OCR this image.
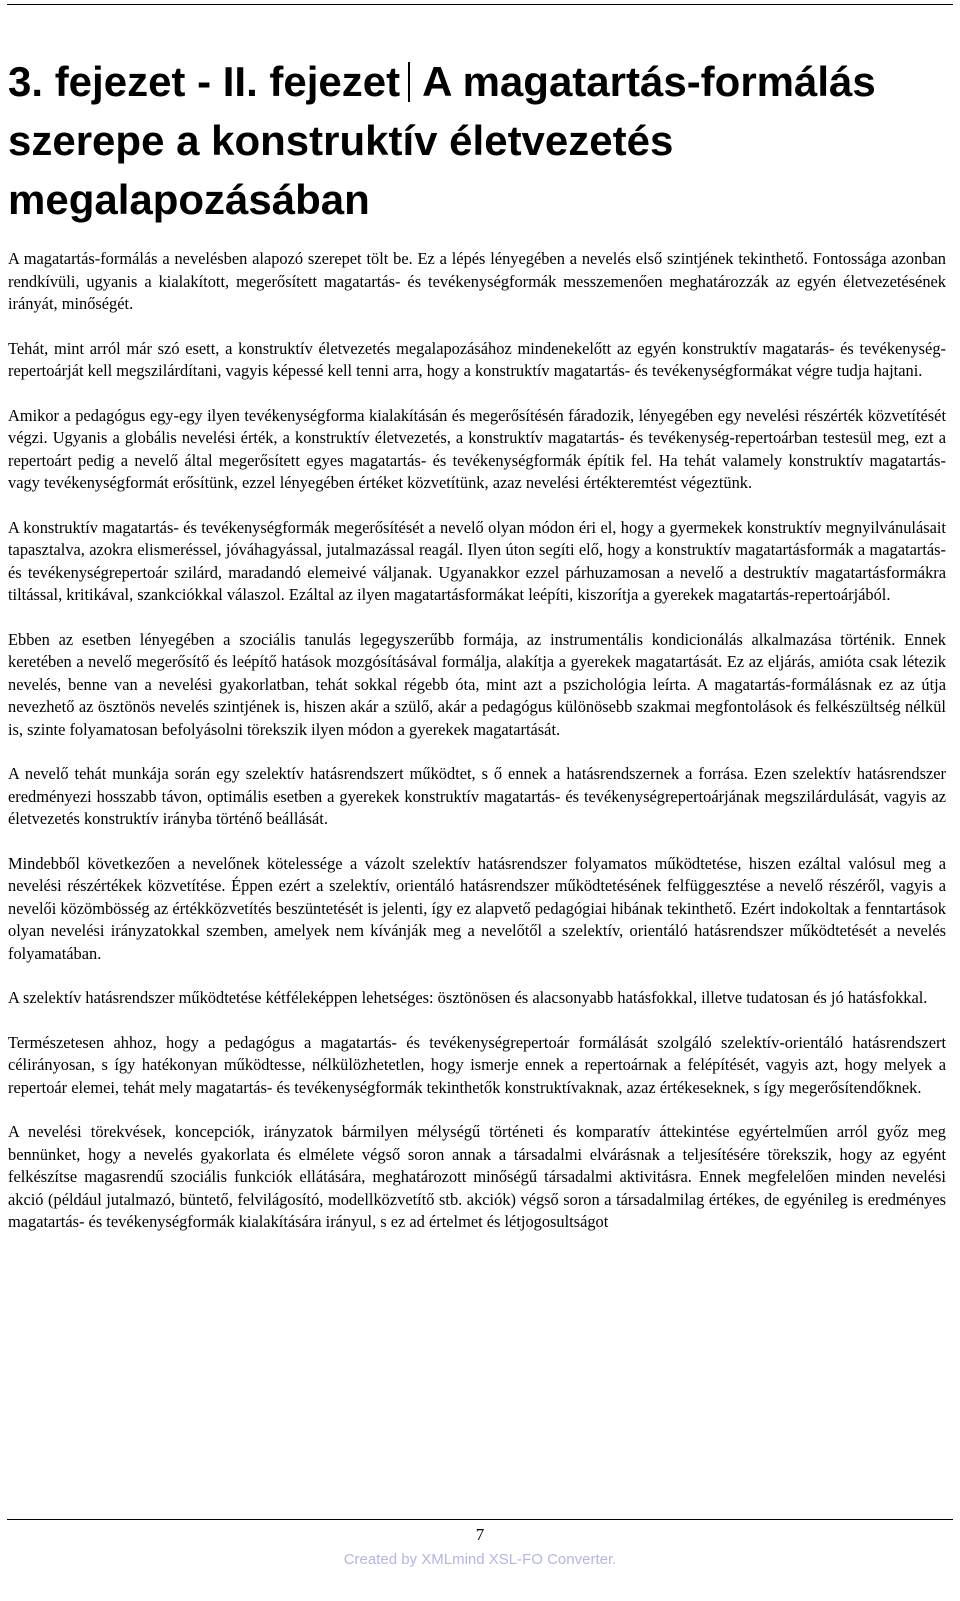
3. fejezet - II. fejezet A magatartás-formálás szerepe a konstruktív életvezetés megalapozásában

A magatartás-formálás a nevelésben alapozó szerepet tölt be. Ez a lépés lényegében a nevelés első szintjének tekinthető. Fontossága azonban rendkívüli, ugyanis a kialakított, megerősített magatartás- és tevékenységformák messzemenően meghatározzák az egyén életvezetésének irányát, minőségét.

Tehát, mint arról már szó esett, a konstruktív életvezetés megalapozásához mindenekelőtt az egyén konstruktív magatarás- és tevékenység-repertoárját kell megszilárdítani, vagyis képessé kell tenni arra, hogy a konstruktív magatartás- és tevékenységformákat végre tudja hajtani.

Amikor a pedagógus egy-egy ilyen tevékenységforma kialakításán és megerősítésén fáradozik, lényegében egy nevelési részérték közvetítését végzi. Ugyanis a globális nevelési érték, a konstruktív életvezetés, a konstruktív magatartás- és tevékenység-repertoárban testesül meg, ezt a repertoárt pedig a nevelő által megerősített egyes magatartás- és tevékenységformák építik fel. Ha tehát valamely konstruktív magatartás- vagy tevékenységformát erősítünk, ezzel lényegében értéket közvetítünk, azaz nevelési értékteremtést végeztünk.

A konstruktív magatartás- és tevékenységformák megerősítését a nevelő olyan módon éri el, hogy a gyermekek konstruktív megnyilvánulásait tapasztalva, azokra elismeréssel, jóváhagyással, jutalmazással reagál. Ilyen úton segíti elő, hogy a konstruktív magatartásformák a magatartás- és tevékenységrepertoár szilárd, maradandó elemeivé váljanak. Ugyanakkor ezzel párhuzamosan a nevelő a destruktív magatartásformákra tiltással, kritikával, szankciókkal válaszol. Ezáltal az ilyen magatartásformákat leépíti, kiszorítja a gyerekek magatartás-repertoárjából.

Ebben az esetben lényegében a szociális tanulás legegyszerűbb formája, az instrumentális kondicionálás alkalmazása történik. Ennek keretében a nevelő megerősítő és leépítő hatások mozgósításával formálja, alakítja a gyerekek magatartását. Ez az eljárás, amióta csak létezik nevelés, benne van a nevelési gyakorlatban, tehát sokkal régebb óta, mint azt a pszichológia leírta. A magatartás-formálásnak ez az útja nevezhető az ösztönös nevelés szintjének is, hiszen akár a szülő, akár a pedagógus különösebb szakmai megfontolások és felkészültség nélkül is, szinte folyamatosan befolyásolni törekszik ilyen módon a gyerekek magatartását.

A nevelő tehát munkája során egy szelektív hatásrendszert működtet, s ő ennek a hatásrendszernek a forrása. Ezen szelektív hatásrendszer eredményezi hosszabb távon, optimális esetben a gyerekek konstruktív magatartás- és tevékenységrepertoárjának megszilárdulását, vagyis az életvezetés konstruktív irányba történő beállását.

Mindebből következően a nevelőnek kötelessége a vázolt szelektív hatásrendszer folyamatos működtetése, hiszen ezáltal valósul meg a nevelési részértékek közvetítése. Éppen ezért a szelektív, orientáló hatásrendszer működtetésének felfüggesztése a nevelő részéről, vagyis a nevelői közömbösség az értékközvetítés beszüntetését is jelenti, így ez alapvető pedagógiai hibának tekinthető. Ezért indokoltak a fenntartások olyan nevelési irányzatokkal szemben, amelyek nem kívánják meg a nevelőtől a szelektív, orientáló hatásrendszer működtetését a nevelés folyamatában.

A szelektív hatásrendszer működtetése kétféleképpen lehetséges: ösztönösen és alacsonyabb hatásfokkal, illetve tudatosan és jó hatásfokkal.

Természetesen ahhoz, hogy a pedagógus a magatartás- és tevékenységrepertoár formálását szolgáló szelektív-orientáló hatásrendszert célirányosan, s így hatékonyan működtesse, nélkülözhetetlen, hogy ismerje ennek a repertoárnak a felépítését, vagyis azt, hogy melyek a repertoár elemei, tehát mely magatartás- és tevékenységformák tekinthetők konstruktívaknak, azaz értékeseknek, s így megerősítendőknek.

A nevelési törekvések, koncepciók, irányzatok bármilyen mélységű történeti és komparatív áttekintése egyértelműen arról győz meg bennünket, hogy a nevelés gyakorlata és elmélete végső soron annak a társadalmi elvárásnak a teljesítésére törekszik, hogy az egyént felkészítse magasrendű szociális funkciók ellátására, meghatározott minőségű társadalmi aktivitásra. Ennek megfelelően minden nevelési akció (például jutalmazó, büntető, felvilágosító, modellközvetítő stb. akciók) végső soron a társadalmilag értékes, de egyénileg is eredményes magatartás- és tevékenységformák kialakítására irányul, s ez ad értelmet és létjogosultságot

7
Created by XMLmind XSL-FO Converter.
